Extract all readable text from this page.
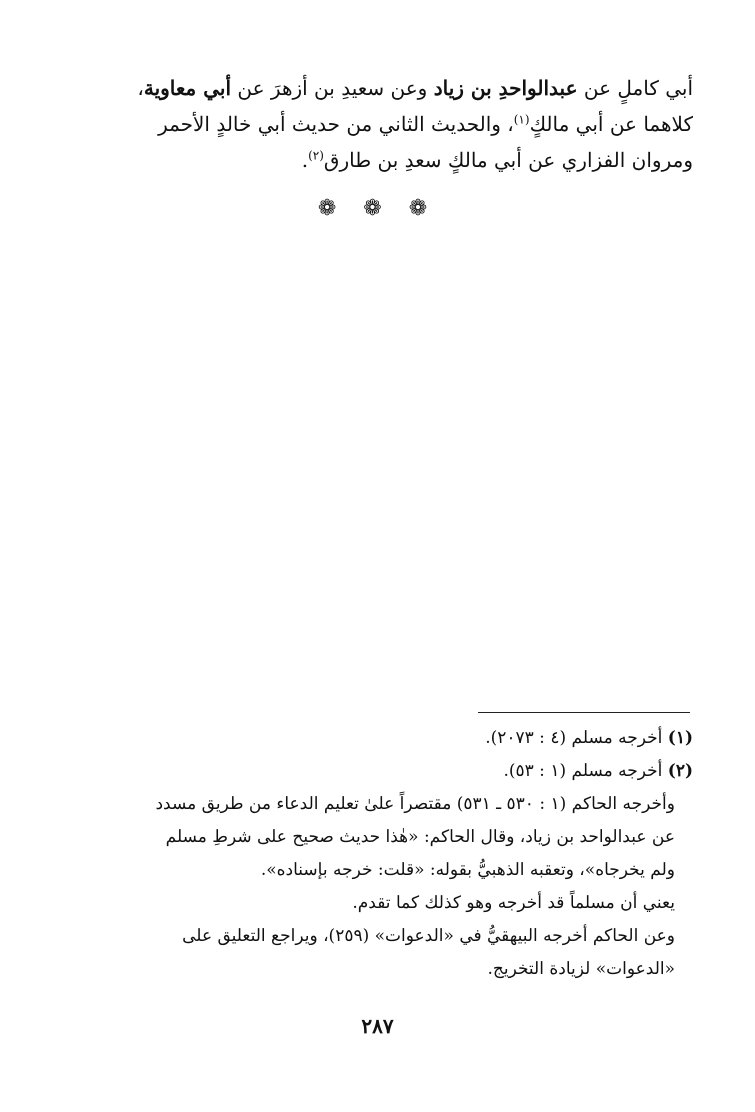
أبي كاملٍ عن عبدالواحدِ بن زياد وعن سعيدِ بن أزهرَ عن أبي معاوية،
كلاهما عن أبي مالكٍ$^{(١)}$، والحديث الثاني من حديث أبي خالدٍ الأحمر
ومروان الفزاري عن أبي مالكٍ سعدِ بن طارق$^{(٢)}$.
❁ ❁ ❁
(١) أخرجه مسلم (٤ : ٢٠٧٣).
(٢) أخرجه مسلم (١ : ٥٣).
وأخرجه الحاكم (١ : ٥٣٠ ـ ٥٣١) مقتصراً علىٰ تعليم الدعاء من طريق مسدد
عن عبدالواحد بن زياد، وقال الحاكم: «هٰذا حديث صحيح على شرطِ مسلم
ولم يخرجاه»، وتعقبه الذهبيُّ بقوله: «قلت: خرجه بإسناده».
يعني أن مسلماً قد أخرجه وهو كذلك كما تقدم.
وعن الحاكم أخرجه البيهقيُّ في «الدعوات» (٢٥٩)، ويراجع التعليق على
«الدعوات» لزيادة التخريج.
٢٨٧
